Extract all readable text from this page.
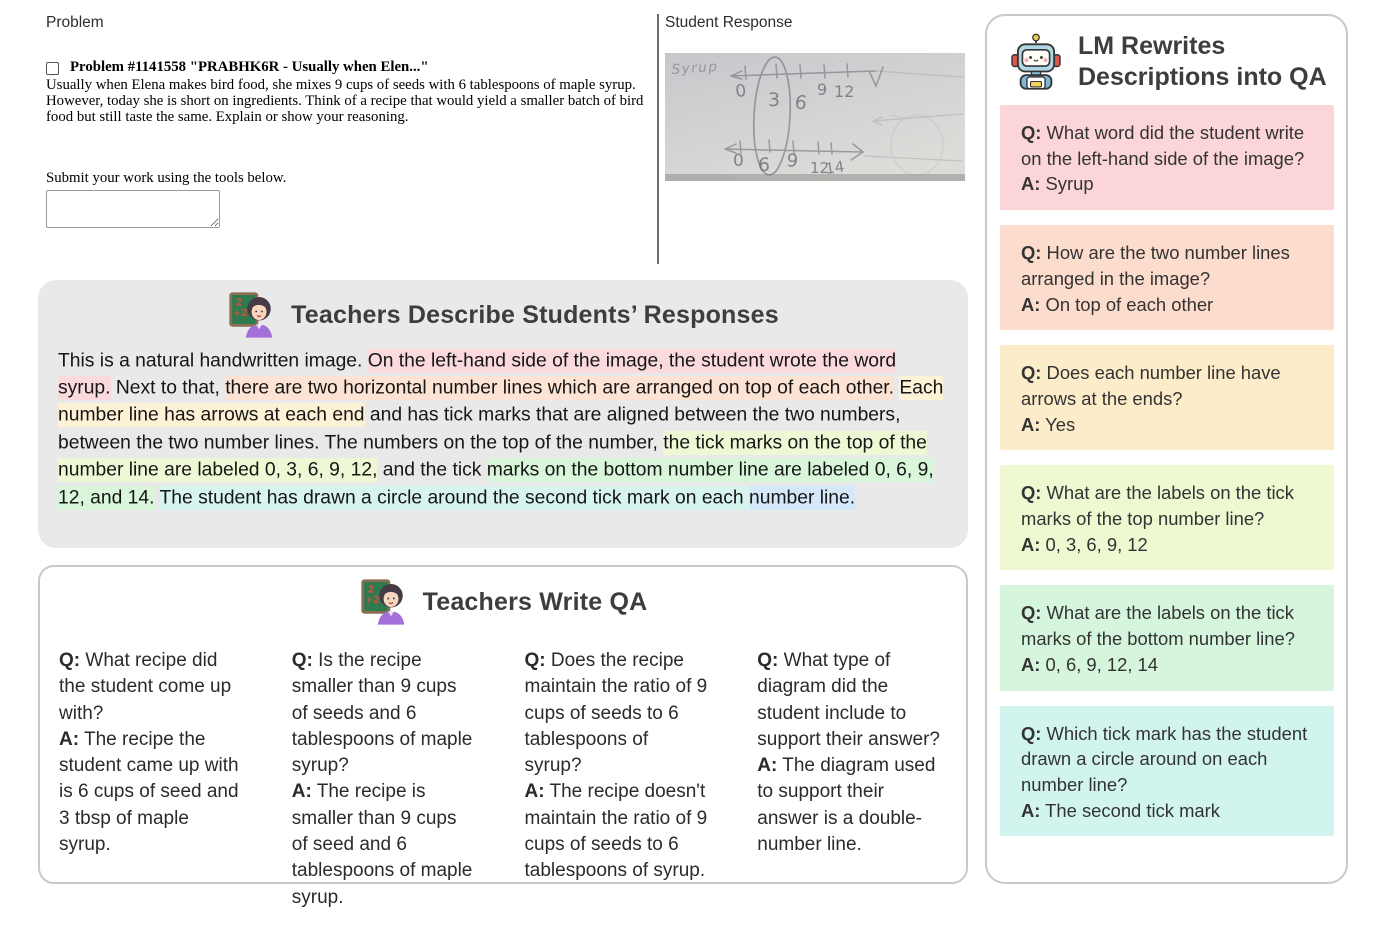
Problem
Problem #1141558 "PRABHK6R - Usually when Elen..."

Usually when Elena makes bird food, she mixes 9 cups of seeds with 6 tablespoons of maple syrup. However, today she is short on ingredients. Think of a recipe that would yield a smaller batch of bird food but still taste the same. Explain or show your reasoning.

Submit your work using the tools below.
Student Response
Syrup
0 3 6
9 12
0 6 9 12
14
Teachers Describe Students’ Responses

This is a natural handwritten image. On the left-hand side of the image, the student wrote the word syrup. Next to that, there are two horizontal number lines which are arranged on top of each other. Each number line has arrows at each end and has tick marks that are aligned between the two numbers, between the two number lines. The numbers on the top of the number, the tick marks on the top of the number line are labeled 0, 3, 6, 9, 12, and the tick marks on the bottom number line are labeled 0, 6, 9, 12, and 14. The student has drawn a circle around the second tick mark on each number line.

Teachers Write QA
Q: What recipe did the student come up with?
A: The recipe the student came up with is 6 cups of seed and 3 tbsp of maple syrup.
Q: Is the recipe smaller than 9 cups of seeds and 6 tablespoons of maple syrup?
A: The recipe is smaller than 9 cups of seed and 6 tablespoons of maple syrup.
Q: Does the recipe maintain the ratio of 9 cups of seeds to 6 tablespoons of syrup?
A: The recipe doesn't maintain the ratio of 9 cups of seeds to 6 tablespoons of syrup.
Q: What type of diagram did the student include to support their answer?
A: The diagram used to support their answer is a double-number line.
LM Rewrites
Descriptions into QA
Q: What word did the student write on the left-hand side of the image?
A: Syrup
Q: How are the two number lines arranged in the image?
A: On top of each other
Q: Does each number line have arrows at the ends?
A: Yes
Q: What are the labels on the tick marks of the top number line?
A: 0, 3, 6, 9, 12
Q: What are the labels on the tick marks of the bottom number line?
A: 0, 6, 9, 12, 14
Q: Which tick mark has the student drawn a circle around on each number line?
A: The second tick mark
